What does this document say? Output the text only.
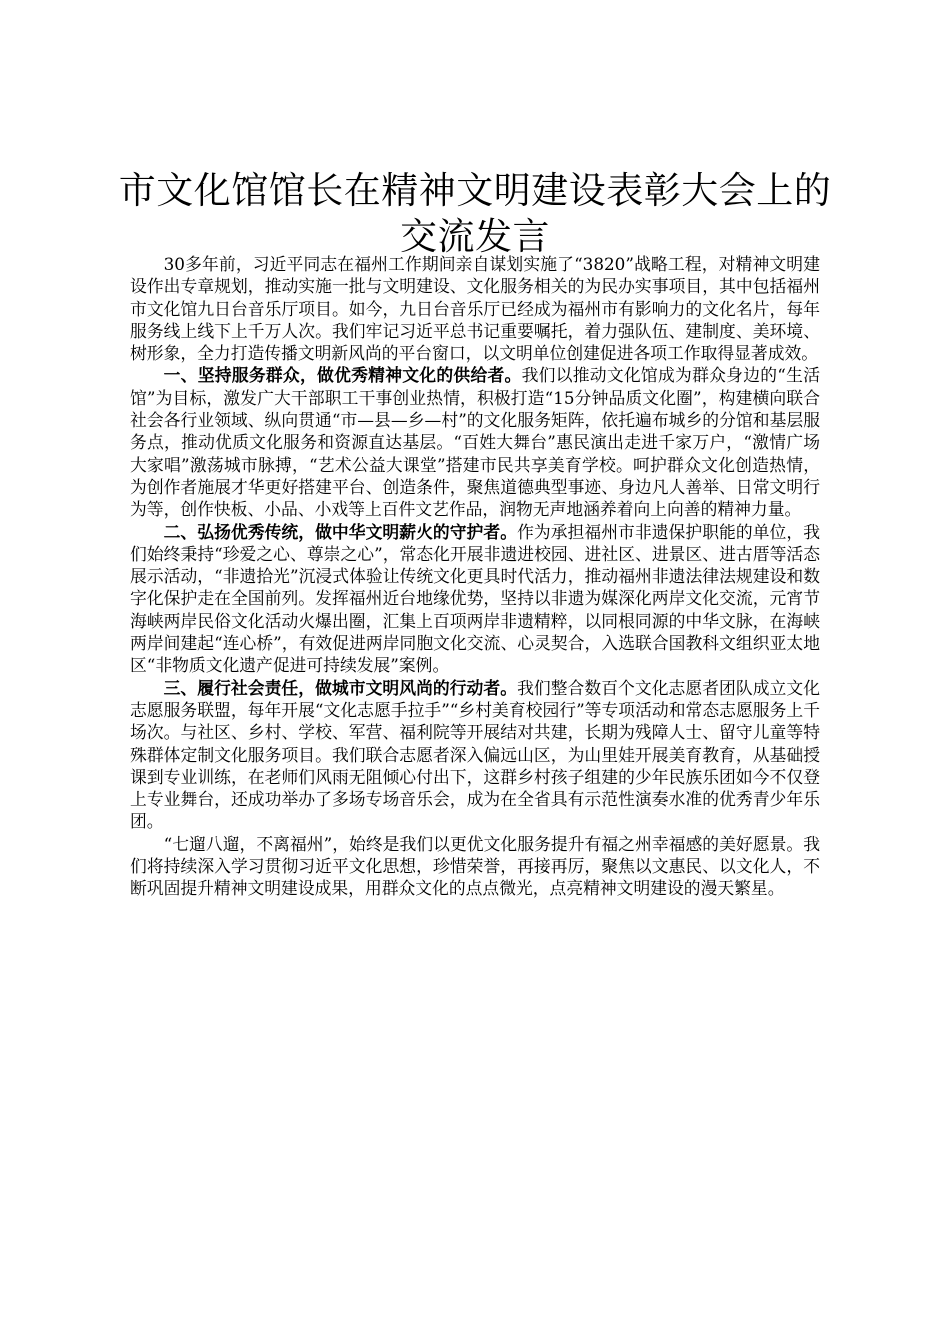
市文化馆馆长在精神文明建设表彰大会上的交流发言

30多年前，习近平同志在福州工作期间亲自谋划实施了“3820”战略工程，对精神文明建设作出专章规划，推动实施一批与文明建设、文化服务相关的为民办实事项目，其中包括福州市文化馆九日台音乐厅项目。如今，九日台音乐厅已经成为福州市有影响力的文化名片，每年服务线上线下上千万人次。我们牢记习近平总书记重要嘱托，着力强队伍、建制度、美环境、树形象，全力打造传播文明新风尚的平台窗口，以文明单位创建促进各项工作取得显著成效。

一、坚持服务群众，做优秀精神文化的供给者。我们以推动文化馆成为群众身边的“生活馆”为目标，激发广大干部职工干事创业热情，积极打造“15分钟品质文化圈”，构建横向联合社会各行业领域、纵向贯通“市—县—乡—村”的文化服务矩阵，依托遍布城乡的分馆和基层服务点，推动优质文化服务和资源直达基层。“百姓大舞台”惠民演出走进千家万户，“激情广场大家唱”激荡城市脉搏，“艺术公益大课堂”搭建市民共享美育学校。呵护群众文化创造热情，为创作者施展才华更好搭建平台、创造条件，聚焦道德典型事迹、身边凡人善举、日常文明行为等，创作快板、小品、小戏等上百件文艺作品，润物无声地涵养着向上向善的精神力量。

二、弘扬优秀传统，做中华文明薪火的守护者。作为承担福州市非遗保护职能的单位，我们始终秉持“珍爱之心、尊崇之心”，常态化开展非遗进校园、进社区、进景区、进古厝等活态展示活动，“非遗拾光”沉浸式体验让传统文化更具时代活力，推动福州非遗法律法规建设和数字化保护走在全国前列。发挥福州近台地缘优势，坚持以非遗为媒深化两岸文化交流，元宵节海峡两岸民俗文化活动火爆出圈，汇集上百项两岸非遗精粹，以同根同源的中华文脉，在海峡两岸间建起“连心桥”，有效促进两岸同胞文化交流、心灵契合，入选联合国教科文组织亚太地区“非物质文化遗产促进可持续发展”案例。

三、履行社会责任，做城市文明风尚的行动者。我们整合数百个文化志愿者团队成立文化志愿服务联盟，每年开展“文化志愿手拉手”“乡村美育校园行”等专项活动和常态志愿服务上千场次。与社区、乡村、学校、军营、福利院等开展结对共建，长期为残障人士、留守儿童等特殊群体定制文化服务项目。我们联合志愿者深入偏远山区，为山里娃开展美育教育，从基础授课到专业训练，在老师们风雨无阻倾心付出下，这群乡村孩子组建的少年民族乐团如今不仅登上专业舞台，还成功举办了多场专场音乐会，成为在全省具有示范性演奏水准的优秀青少年乐团。

“七遛八遛，不离福州”，始终是我们以更优文化服务提升有福之州幸福感的美好愿景。我们将持续深入学习贯彻习近平文化思想，珍惜荣誉，再接再厉，聚焦以文惠民、以文化人，不断巩固提升精神文明建设成果，用群众文化的点点微光，点亮精神文明建设的漫天繁星。
